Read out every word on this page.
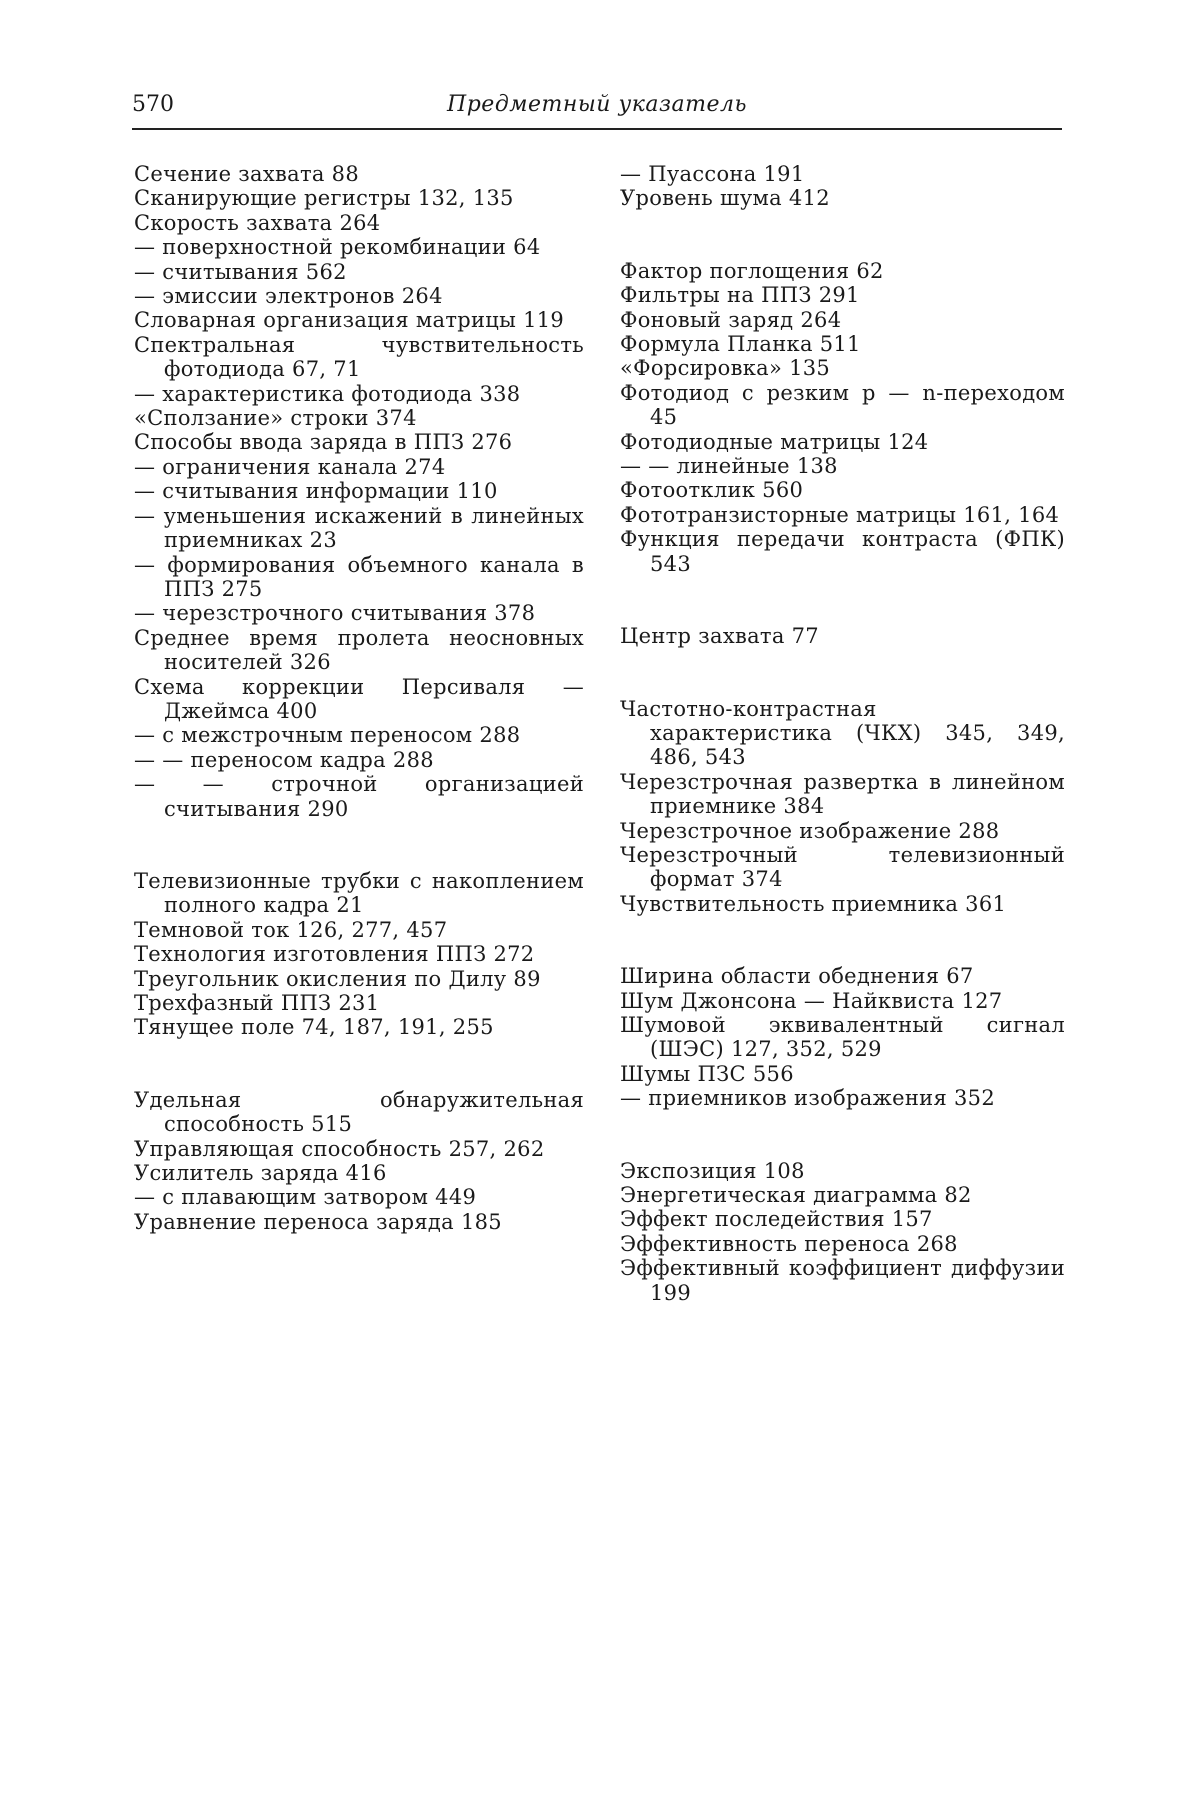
570	Предметный указатель
Сечение захвата 88
Сканирующие регистры 132, 135
Скорость захвата 264
— поверхностной рекомбинации 64
— считывания 562
— эмиссии электронов 264
Словарная организация матрицы 119
Спектральная чувствительность фотодиода 67, 71
— характеристика фотодиода 338
«Сползание» строки 374
Способы ввода заряда в ППЗ 276
— ограничения канала 274
— считывания информации 110
— уменьшения искажений в линейных приемниках 23
— формирования объемного канала в ППЗ 275
— черезстрочного считывания 378
Среднее время пролета неосновных носителей 326
Схема коррекции Персиваля — Джеймса 400
— с межстрочным переносом 288
— — переносом кадра 288
— — строчной организацией считывания 290
Телевизионные трубки с накоплением полного кадра 21
Темновой ток 126, 277, 457
Технология изготовления ППЗ 272
Треугольник окисления по Дилу 89
Трехфазный ППЗ 231
Тянущее поле 74, 187, 191, 255
Удельная обнаружительная способность 515
Управляющая способность 257, 262
Усилитель заряда 416
— с плавающим затвором 449
Уравнение переноса заряда 185
— Пуассона 191
Уровень шума 412
Фактор поглощения 62
Фильтры на ППЗ 291
Фоновый заряд 264
Формула Планка 511
«Форсировка» 135
Фотодиод с резким p — n-переходом 45
Фотодиодные матрицы 124
— — линейные 138
Фотоотклик 560
Фототранзисторные матрицы 161, 164
Функция передачи контраста (ФПК) 543
Центр захвата 77
Частотно-контрастная характеристика (ЧКХ) 345, 349, 486, 543
Черезстрочная развертка в линейном приемнике 384
Черезстрочное изображение 288
Черезстрочный телевизионный формат 374
Чувствительность приемника 361
Ширина области обеднения 67
Шум Джонсона — Найквиста 127
Шумовой эквивалентный сигнал (ШЭС) 127, 352, 529
Шумы ПЗС 556
— приемников изображения 352
Экспозиция 108
Энергетическая диаграмма 82
Эффект последействия 157
Эффективность переноса 268
Эффективный коэффициент диффузии 199
